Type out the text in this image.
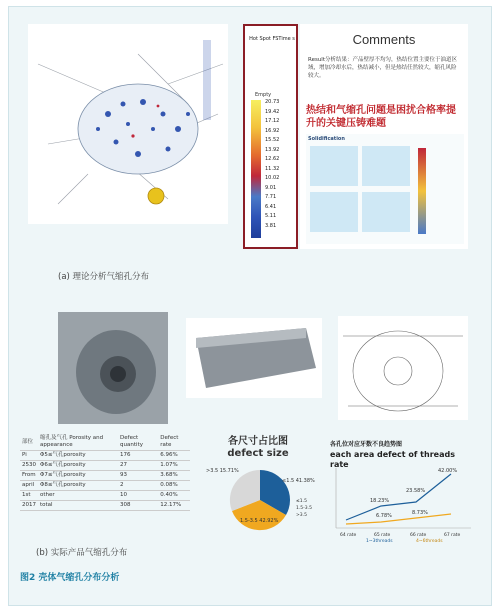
Hot Spot FSTime s
Empty
20.73
19.42
17.12
16.92
15.52
13.92
12.62
11.32
10.02
9.01
7.71
6.41
5.11
3.81
Comments
Result分析结果：产品壁厚不均匀，热结位置主要位于油道区域，增加冷却水后，热结减小，但是热结任然较大，缩孔风险较大。
热结和气缩孔问题是困扰合格率提升的关键压铸难题
Solidification
(a) 理论分析气缩孔分布
部位	缩孔及气孔 Porosity and appearance	Defect quantity	Defect rate
Pi	Φ5≤气孔porosity	176	6.96%
2530	Φ6≤气孔porosity	27	1.07%
From	Φ7≤气孔porosity	93	3.68%
april	Φ8≤气孔porosity	2	0.08%
1st	other	10	0.40%
2017	total	308	12.17%
各尺寸占比图
defect size
>3.5 15.71%
≤1.5 41.38%
1.5-3.5 42.92%
≤1.5
1.5-3.5
>3.5
各孔位对应牙数不良趋势图
each area defect of threads rate
42.00%
23.58%
18.23%
6.78%	8.73%
64 rate	65 rate	66 rate	67 rate
1~3threads	4~6threads
(b) 实际产品气缩孔分布
图2 壳体气缩孔分布分析
